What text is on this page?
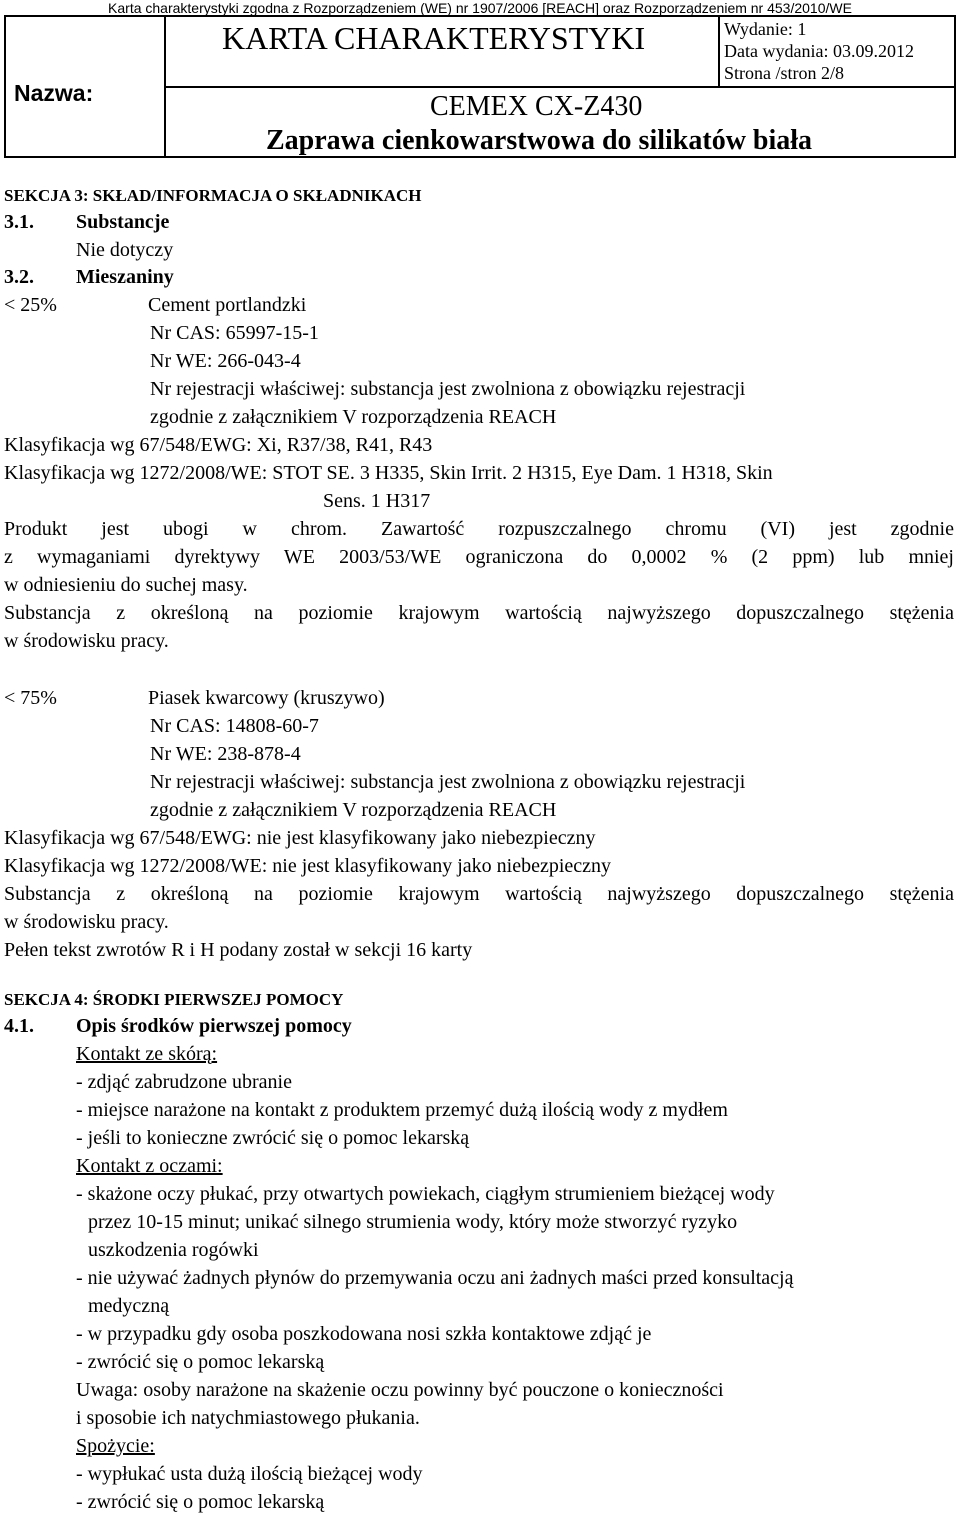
Karta charakterystyki zgodna z Rozporządzeniem (WE) nr 1907/2006 [REACH] oraz Rozporządzeniem nr 453/2010/WE
KARTA CHARAKTERYSTYKI	Wydanie: 1
Data wydania: 03.09.2012
Strona /stron 2/8
Nazwa:	CEMEX CX-Z430
Zaprawa cienkowarstwowa do silikatów biała
SEKCJA 3: SKŁAD/INFORMACJA O SKŁADNIKACH
3.1. Substancje
Nie dotyczy
3.2. Mieszaniny
< 25%	Cement portlandzki
Nr CAS: 65997-15-1
Nr WE: 266-043-4
Nr rejestracji właściwej: substancja jest zwolniona z obowiązku rejestracji
zgodnie z załącznikiem V rozporządzenia REACH
Klasyfikacja wg 67/548/EWG: Xi, R37/38, R41, R43
Klasyfikacja wg 1272/2008/WE: STOT SE. 3 H335, Skin Irrit. 2 H315, Eye Dam. 1 H318, Skin
Sens. 1 H317
Produkt jest ubogi w chrom. Zawartość rozpuszczalnego chromu (VI) jest zgodnie
z wymaganiami dyrektywy WE 2003/53/WE ograniczona do 0,0002 % (2 ppm) lub mniej
w odniesieniu do suchej masy.
Substancja z określoną na poziomie krajowym wartością najwyższego dopuszczalnego stężenia
w środowisku pracy.
< 75%	Piasek kwarcowy (kruszywo)
Nr CAS: 14808-60-7
Nr WE: 238-878-4
Nr rejestracji właściwej: substancja jest zwolniona z obowiązku rejestracji
zgodnie z załącznikiem V rozporządzenia REACH
Klasyfikacja wg 67/548/EWG: nie jest klasyfikowany jako niebezpieczny
Klasyfikacja wg 1272/2008/WE: nie jest klasyfikowany jako niebezpieczny
Substancja z określoną na poziomie krajowym wartością najwyższego dopuszczalnego stężenia
w środowisku pracy.
Pełen tekst zwrotów R i H podany został w sekcji 16 karty
SEKCJA 4: ŚRODKI PIERWSZEJ POMOCY
4.1. Opis środków pierwszej pomocy
Kontakt ze skórą:
- zdjąć zabrudzone ubranie
- miejsce narażone na kontakt z produktem przemyć dużą ilością wody z mydłem
- jeśli to konieczne zwrócić się o pomoc lekarską
Kontakt z oczami:
- skażone oczy płukać, przy otwartych powiekach, ciągłym strumieniem bieżącej wody
przez 10-15 minut; unikać silnego strumienia wody, który może stworzyć ryzyko
uszkodzenia rogówki
- nie używać żadnych płynów do przemywania oczu ani żadnych maści przed konsultacją
medyczną
- w przypadku gdy osoba poszkodowana nosi szkła kontaktowe zdjąć je
- zwrócić się o pomoc lekarską
Uwaga: osoby narażone na skażenie oczu powinny być pouczone o konieczności
i sposobie ich natychmiastowego płukania.
Spożycie:
- wypłukać usta dużą ilością bieżącej wody
- zwrócić się o pomoc lekarską
